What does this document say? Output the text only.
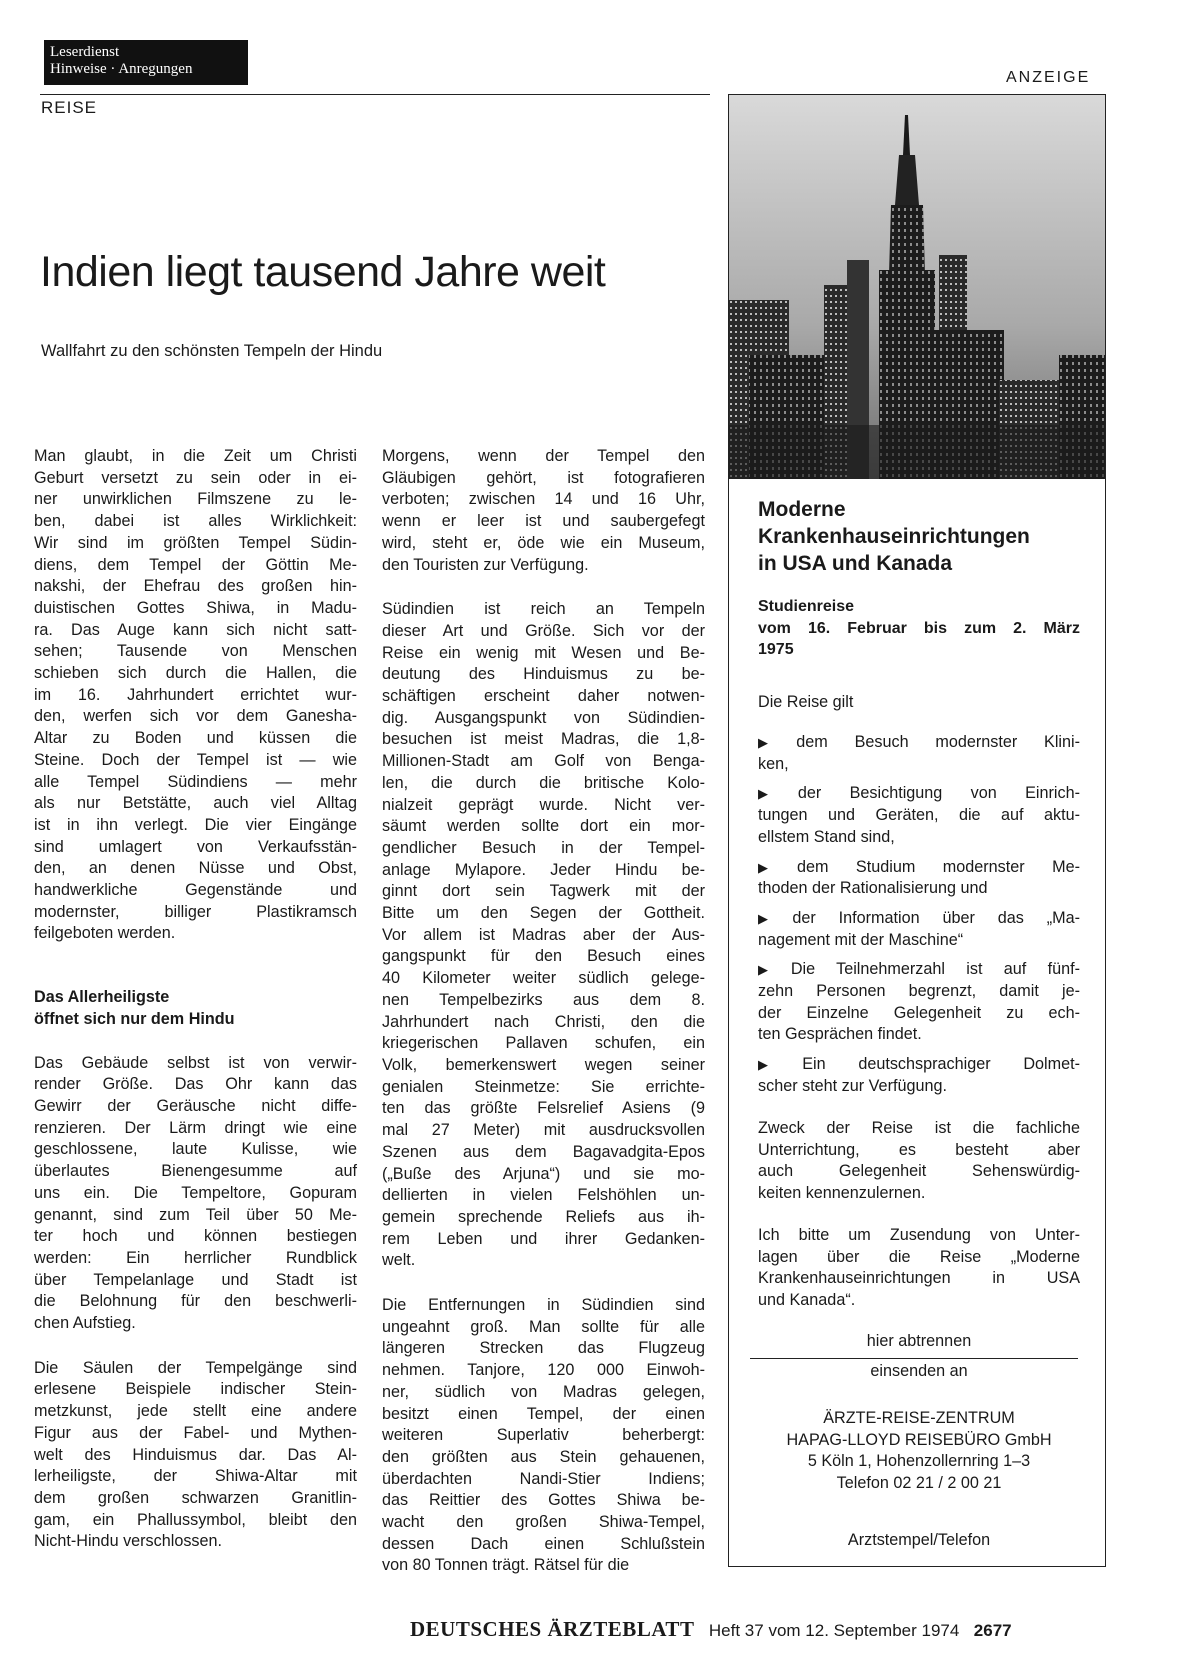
Leserdienst
Hinweise · Anregungen
REISE
ANZEIGE
Indien liegt tausend Jahre weit
Wallfahrt zu den schönsten Tempeln der Hindu

Man glaubt, in die Zeit um Christi
Geburt versetzt zu sein oder in ei-
ner unwirklichen Filmszene zu le-
ben, dabei ist alles Wirklichkeit:
Wir sind im größten Tempel Südin-
diens, dem Tempel der Göttin Me-
nakshi, der Ehefrau des großen hin-
duistischen Gottes Shiwa, in Madu-
ra. Das Auge kann sich nicht satt-
sehen; Tausende von Menschen
schieben sich durch die Hallen, die
im 16. Jahrhundert errichtet wur-
den, werfen sich vor dem Ganesha-
Altar zu Boden und küssen die
Steine. Doch der Tempel ist — wie
alle Tempel Südindiens — mehr
als nur Betstätte, auch viel Alltag
ist in ihn verlegt. Die vier Eingänge
sind umlagert von Verkaufsstän-
den, an denen Nüsse und Obst,
handwerkliche Gegenstände und
modernster, billiger Plastikramsch
feilgeboten werden.

Das Allerheiligste
öffnet sich nur dem Hindu

Das Gebäude selbst ist von verwir-
render Größe. Das Ohr kann das
Gewirr der Geräusche nicht diffe-
renzieren. Der Lärm dringt wie eine
geschlossene, laute Kulisse, wie
überlautes Bienengesumme auf
uns ein. Die Tempeltore, Gopuram
genannt, sind zum Teil über 50 Me-
ter hoch und können bestiegen
werden: Ein herrlicher Rundblick
über Tempelanlage und Stadt ist
die Belohnung für den beschwerli-
chen Aufstieg.

Die Säulen der Tempelgänge sind
erlesene Beispiele indischer Stein-
metzkunst, jede stellt eine andere
Figur aus der Fabel- und Mythen-
welt des Hinduismus dar. Das Al-
lerheiligste, der Shiwa-Altar mit
dem großen schwarzen Granitlin-
gam, ein Phallussymbol, bleibt den
Nicht-Hindu verschlossen.

Morgens, wenn der Tempel den
Gläubigen gehört, ist fotografieren
verboten; zwischen 14 und 16 Uhr,
wenn er leer ist und saubergefegt
wird, steht er, öde wie ein Museum,
den Touristen zur Verfügung.

Südindien ist reich an Tempeln
dieser Art und Größe. Sich vor der
Reise ein wenig mit Wesen und Be-
deutung des Hinduismus zu be-
schäftigen erscheint daher notwen-
dig. Ausgangspunkt von Südindien-
besuchen ist meist Madras, die 1,8-
Millionen-Stadt am Golf von Benga-
len, die durch die britische Kolo-
nialzeit geprägt wurde. Nicht ver-
säumt werden sollte dort ein mor-
gendlicher Besuch in der Tempel-
anlage Mylapore. Jeder Hindu be-
ginnt dort sein Tagwerk mit der
Bitte um den Segen der Gottheit.
Vor allem ist Madras aber der Aus-
gangspunkt für den Besuch eines
40 Kilometer weiter südlich gelege-
nen Tempelbezirks aus dem 8.
Jahrhundert nach Christi, den die
kriegerischen Pallaven schufen, ein
Volk, bemerkenswert wegen seiner
genialen Steinmetze: Sie errichte-
ten das größte Felsrelief Asiens (9
mal 27 Meter) mit ausdrucksvollen
Szenen aus dem Bagavadgita-Epos
(„Buße des Arjuna“) und sie mo-
dellierten in vielen Felshöhlen un-
gemein sprechende Reliefs aus ih-
rem Leben und ihrer Gedanken-
welt.

Die Entfernungen in Südindien sind
ungeahnt groß. Man sollte für alle
längeren Strecken das Flugzeug
nehmen. Tanjore, 120 000 Einwoh-
ner, südlich von Madras gelegen,
besitzt einen Tempel, der einen
weiteren Superlativ beherbergt:
den größten aus Stein gehauenen,
überdachten Nandi-Stier Indiens;
das Reittier des Gottes Shiwa be-
wacht den großen Shiwa-Tempel,
dessen Dach einen Schlußstein
von 80 Tonnen trägt. Rätsel für die

Moderne
Krankenhauseinrichtungen
in USA und Kanada
Studienreise
vom 16. Februar bis zum 2. März
1975
Die Reise gilt
▶ dem Besuch modernster Klini-
ken,
▶ der Besichtigung von Einrich-
tungen und Geräten, die auf aktu-
ellstem Stand sind,
▶ dem Studium modernster Me-
thoden der Rationalisierung und
▶ der Information über das „Ma-
nagement mit der Maschine“
▶ Die Teilnehmerzahl ist auf fünf-
zehn Personen begrenzt, damit je-
der Einzelne Gelegenheit zu ech-
ten Gesprächen findet.
▶ Ein deutschsprachiger Dolmet-
scher steht zur Verfügung.
Zweck der Reise ist die fachliche
Unterrichtung, es besteht aber
auch Gelegenheit Sehenswürdig-
keiten kennenzulernen.
Ich bitte um Zusendung von Unter-
lagen über die Reise „Moderne
Krankenhauseinrichtungen in USA
und Kanada“.
hier abtrennen
einsenden an
ÄRZTE-REISE-ZENTRUM
HAPAG-LLOYD REISEBÜRO GmbH
5 Köln 1, Hohenzollernring 1–3
Telefon 02 21 / 2 00 21
Arztstempel/Telefon
DEUTSCHES ÄRZTEBLATT Heft 37 vom 12. September 1974 2677
